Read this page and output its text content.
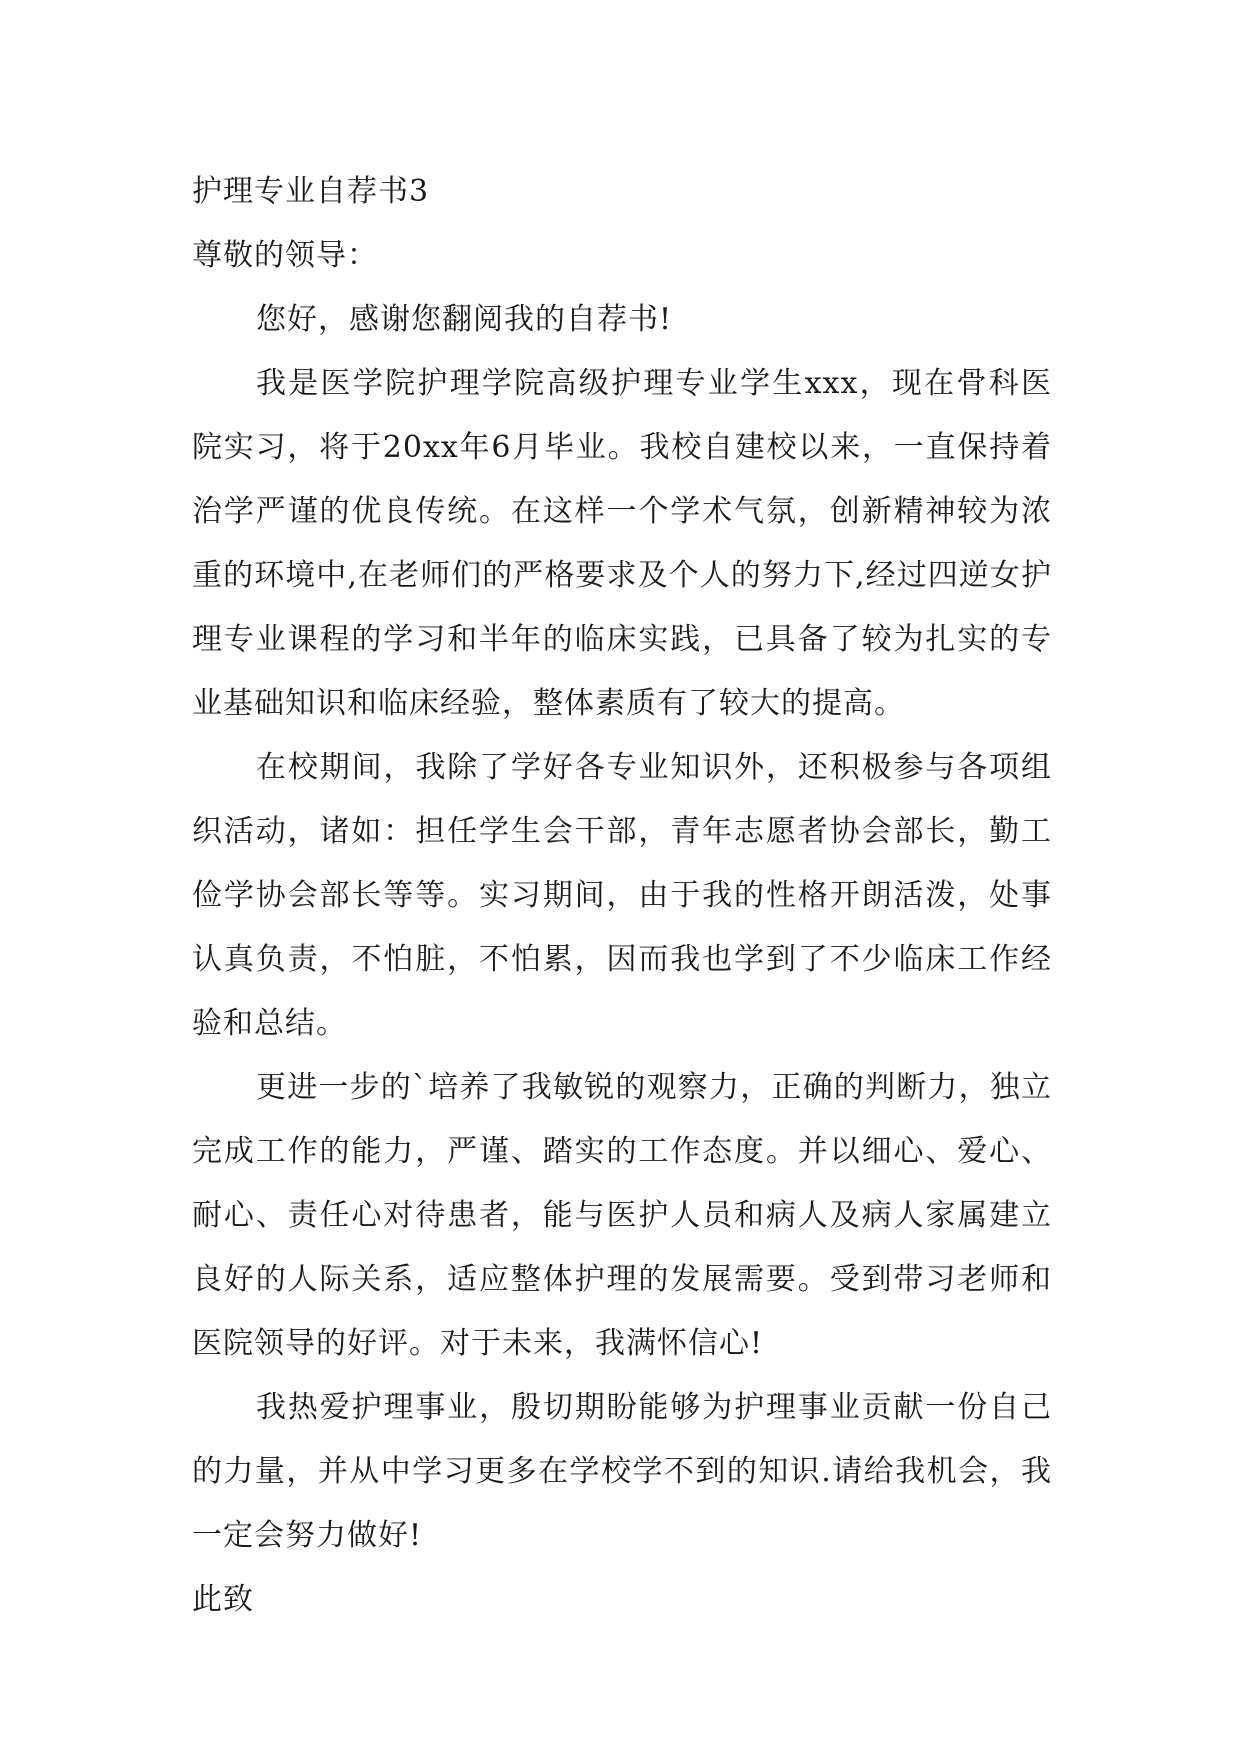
护理专业自荐书3

尊敬的领导：

您好，感谢您翻阅我的自荐书!

我是医学院护理学院高级护理专业学生xxx，现在骨科医院实习，将于20xx年6月毕业。我校自建校以来，一直保持着治学严谨的优良传统。在这样一个学术气氛，创新精神较为浓重的环境中,在老师们的严格要求及个人的努力下,经过四逆女护理专业课程的学习和半年的临床实践，已具备了较为扎实的专业基础知识和临床经验，整体素质有了较大的提高。

在校期间，我除了学好各专业知识外，还积极参与各项组织活动，诸如：担任学生会干部，青年志愿者协会部长，勤工俭学协会部长等等。实习期间，由于我的性格开朗活泼，处事认真负责，不怕脏，不怕累，因而我也学到了不少临床工作经验和总结。

更进一步的`培养了我敏锐的观察力，正确的判断力，独立完成工作的能力，严谨、踏实的工作态度。并以细心、爱心、耐心、责任心对待患者，能与医护人员和病人及病人家属建立良好的人际关系，适应整体护理的发展需要。受到带习老师和医院领导的好评。对于未来，我满怀信心!

我热爱护理事业，殷切期盼能够为护理事业贡献一份自己的力量，并从中学习更多在学校学不到的知识.请给我机会，我一定会努力做好!

此致
